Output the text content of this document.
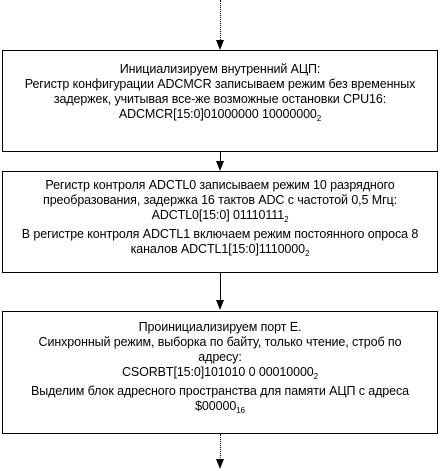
Инициализируем внутренний АЦП:

Регистр конфигурации ADCMCR записываем режим без временных

задержек, учитывая все-же возможные остановки CPU16:

ADCMCR[15:0]01000000 $10000000_2$

Регистр контроля ADCTL0 записываем режим 10 разрядного

преобразования, задержка 16 тактов ADC с частотой 0,5 Мгц:

ADCTL0[15:0] $01110111_2$

В регистре контроля ADCTL1 включаем режим постоянного опроса 8

каналов $ADCTL1[15:0]1110000_2$

Проинициализируем порт E.

Синхронный режим, выборка по байту, только чтение, строб по

адресу:

CSORBT[15:0]101010 0 $00010000_2$

Выделим блок адресного пространства для памяти АЦП с адреса

$\$00000_{16}$
